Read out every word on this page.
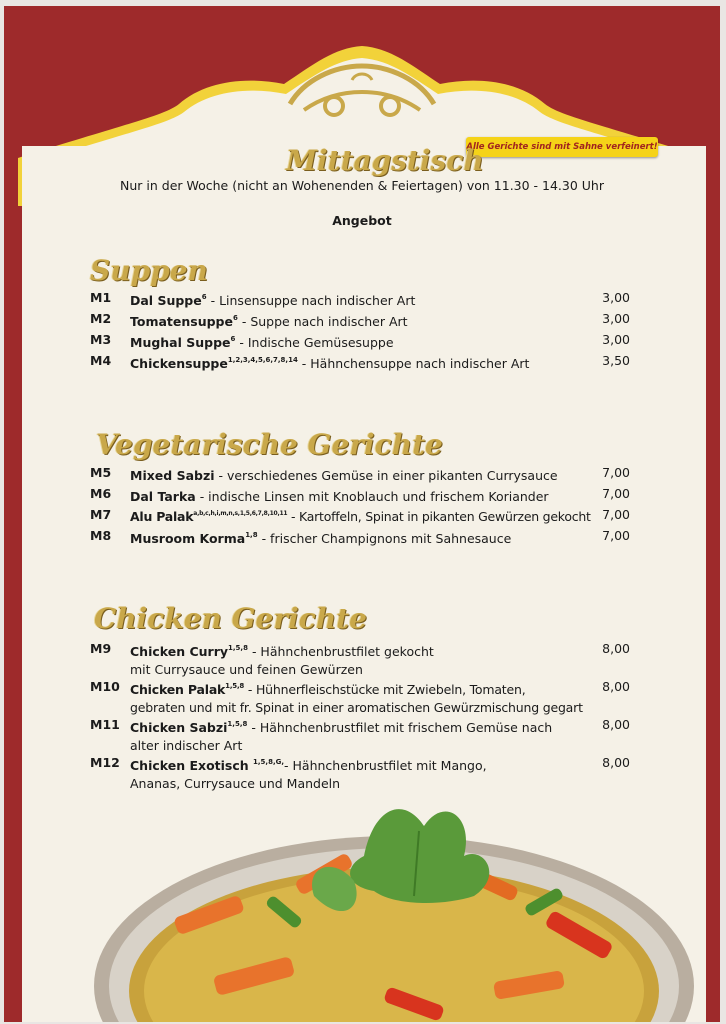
Alle Gerichte sind mit Sahne verfeinert!
Mittagstisch
Nur in der Woche (nicht an Wohenenden & Feiertagen) von 11.30 - 14.30 Uhr
Angebot
Suppen
M1 Dal Suppe$^6$ - Linsensuppe nach indischer Art	3,00
M2 Tomatensuppe$^6$ - Suppe nach indischer Art	3,00
M3 Mughal Suppe$^6$ - Indische Gemüsesuppe	3,00
M4 Chickensuppe$^{1,2,3,4,5,6,7,8,14}$ - Hähnchensuppe nach indischer Art	3,50
Vegetarische Gerichte
M5 Mixed Sabzi - verschiedenes Gemüse in einer pikanten Currysauce	7,00
M6 Dal Tarka - indische Linsen mit Knoblauch und frischem Koriander	7,00
M7 Alu Palak$^{a,b,c,h,i,m,n,s,1,5,6,7,8,10,11}$ - Kartoffeln, Spinat in pikanten Gewürzen gekocht 7,00
M8 Musroom Korma$^{1,8}$ - frischer Champignons mit Sahnesauce	7,00
Chicken Gerichte
M9 Chicken Curry$^{1,5,8}$ - Hähnchenbrustfilet gekocht
mit Currysauce und feinen Gewürzen
8,00
M10 Chicken Palak$^{1,5,8}$ - Hühnerfleischstücke mit Zwiebeln, Tomaten,
gebraten und mit fr. Spinat in einer aromatischen Gewürzmischung gegart
8,00
M11 Chicken Sabzi$^{1,5,8}$ - Hähnchenbrustfilet mit frischem Gemüse nach
alter indischer Art
8,00
M12 Chicken Exotisch $^{1,5,8,G,}$- Hähnchenbrustfilet mit Mango,
Ananas, Currysauce und Mandeln
8,00
